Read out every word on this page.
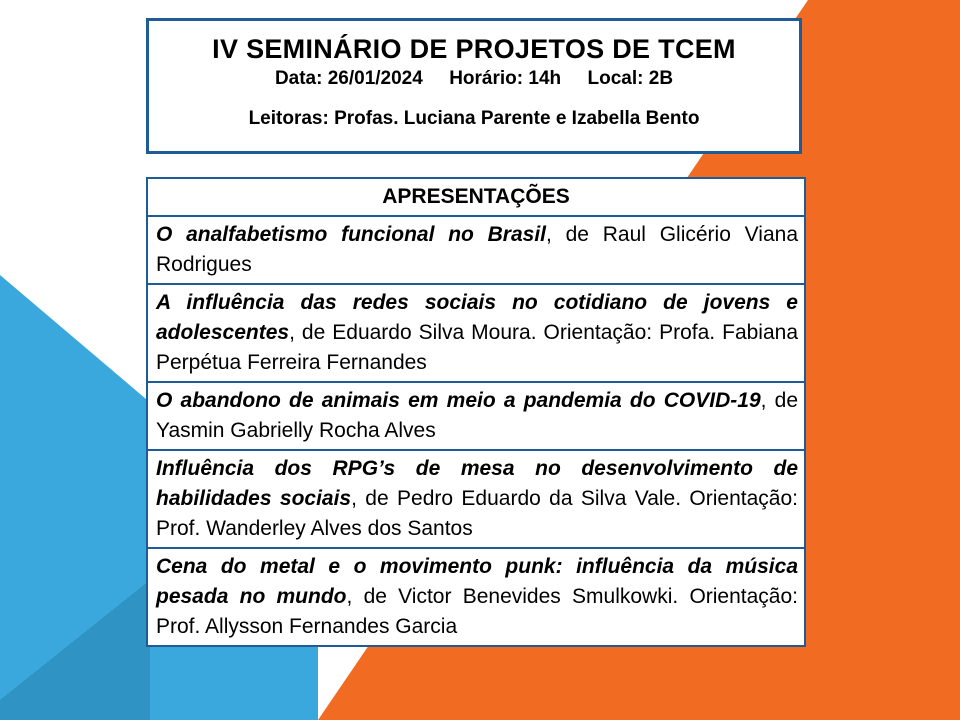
IV SEMINÁRIO DE PROJETOS DE TCEM
Data: 26/01/2024     Horário: 14h     Local: 2B
Leitoras: Profas. Luciana Parente e Izabella Bento
APRESENTAÇÕES
O analfabetismo funcional no Brasil, de Raul Glicério Viana Rodrigues
A influência das redes sociais no cotidiano de jovens e adolescentes, de Eduardo Silva Moura. Orientação: Profa. Fabiana Perpétua Ferreira Fernandes
O abandono de animais em meio a pandemia do COVID-19, de Yasmin Gabrielly Rocha Alves
Influência dos RPG’s de mesa no desenvolvimento de habilidades sociais, de Pedro Eduardo da Silva Vale. Orientação: Prof. Wanderley Alves dos Santos
Cena do metal e o movimento punk: influência da música pesada no mundo, de Victor Benevides Smulkowki. Orientação: Prof. Allysson Fernandes Garcia
